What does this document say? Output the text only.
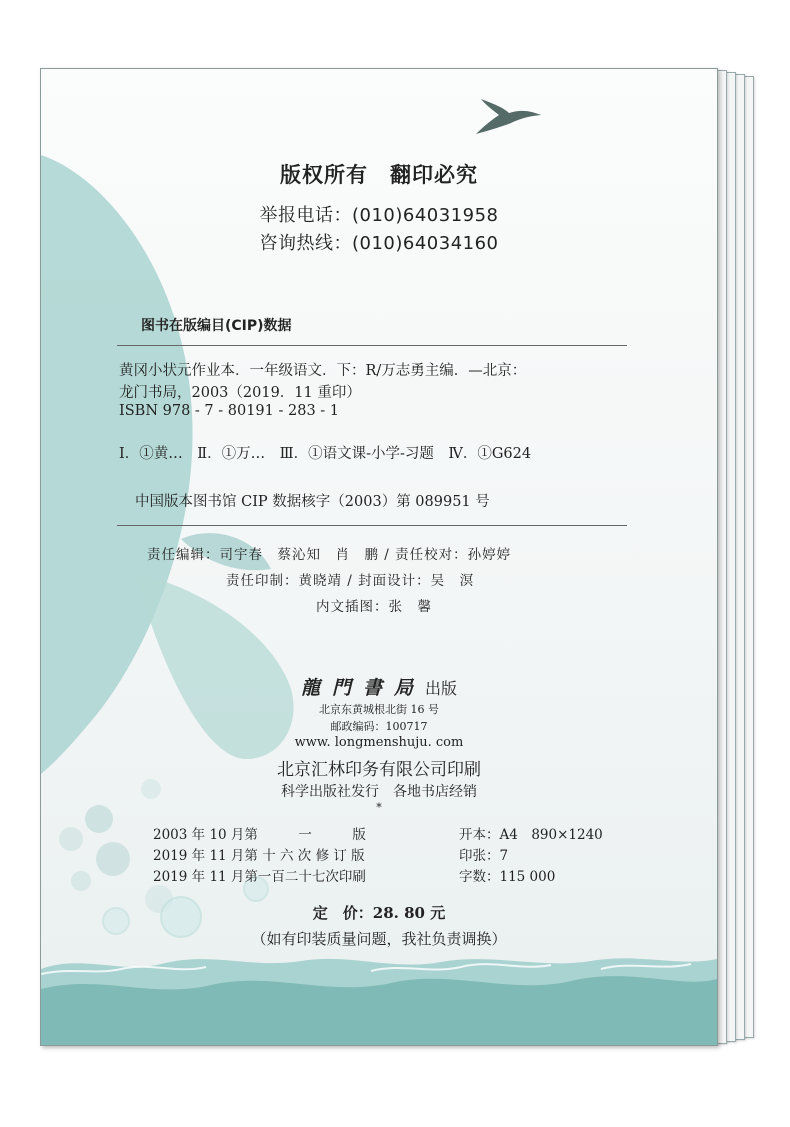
版权所有　翻印必究
举报电话：(010)64031958
咨询热线：(010)64034160
图书在版编目(CIP)数据
黄冈小状元作业本．一年级语文．下：R/万志勇主编．—北京：
龙门书局，2003（2019．11 重印）
ISBN 978 - 7 - 80191 - 283 - 1
Ⅰ．①黄…　Ⅱ．①万…　Ⅲ．①语文课-小学-习题　Ⅳ．①G624
中国版本图书馆 CIP 数据核字（2003）第 089951 号
责任编辑：司宇春　蔡沁知　肖　鹏 / 责任校对：孙婷婷
责任印制：黄晓靖 / 封面设计：吴　溟
内文插图：张　馨
龍門書局出版
北京东黄城根北街 16 号
邮政编码：100717
www. longmenshuju. com
北京汇林印务有限公司印刷
科学出版社发行　各地书店经销
*
2003 年 10 月第　　　一　　　版	开本：A4　890×1240
2019 年 11 月第 十 六 次 修 订 版	印张：7
2019 年 11 月第一百二十七次印刷	字数：115 000
定　价：28. 80 元
（如有印装质量问题，我社负责调换）
